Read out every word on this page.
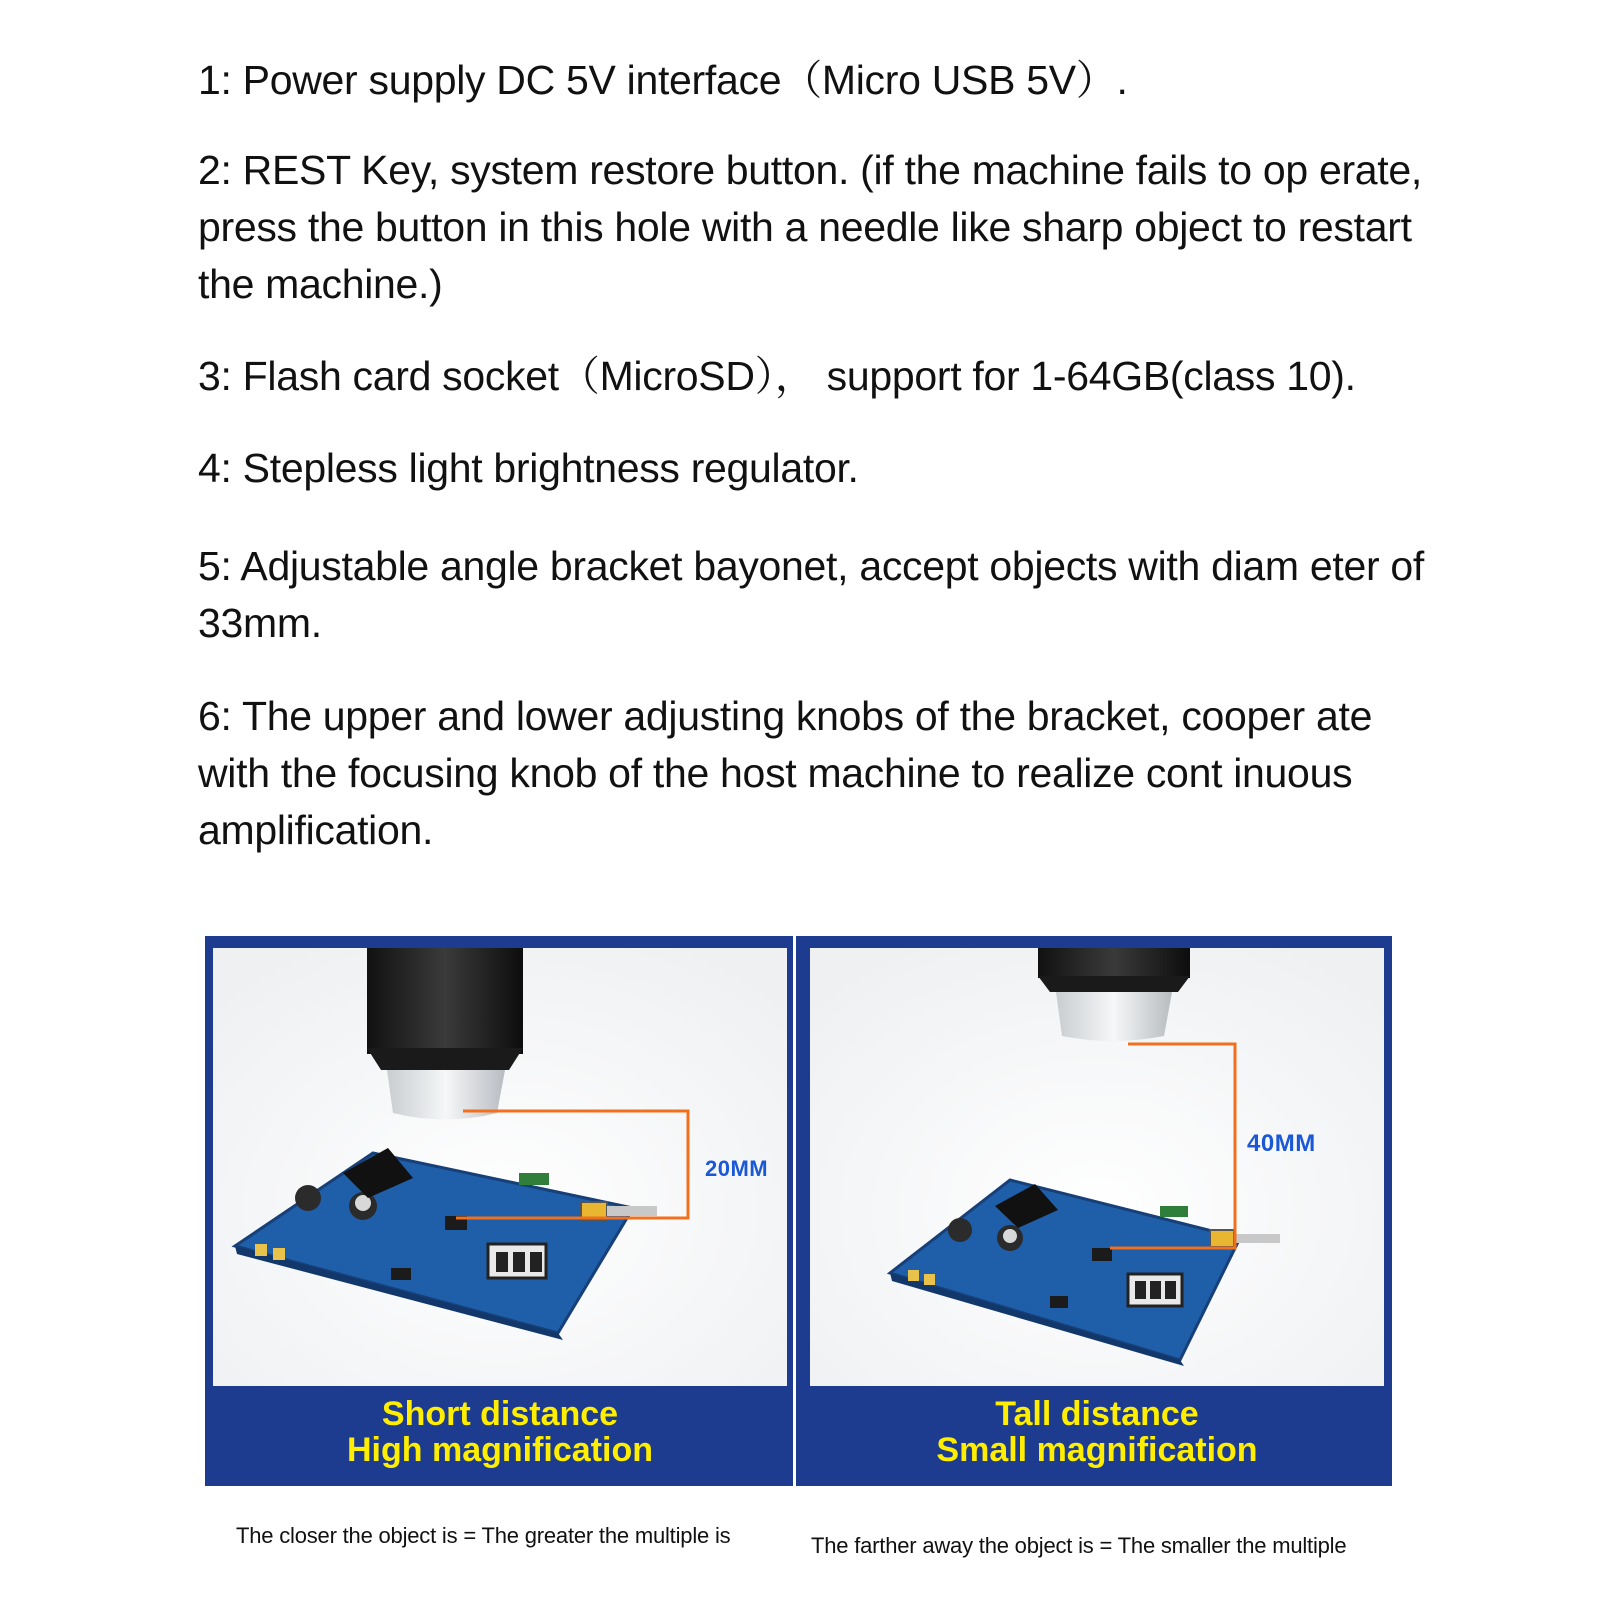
1: Power supply DC 5V interface（Micro USB 5V）.

2: REST Key, system restore button. (if the machine fails to op erate, press the button in this hole with a needle like sharp object to restart the machine.)

3: Flash card socket（MicroSD）， support for 1-64GB(class 10).

4: Stepless light brightness regulator.

5: Adjustable angle bracket bayonet, accept objects with diam eter of 33mm.

6: The upper and lower adjusting knobs of the bracket, cooper ate with the focusing knob of the host machine to realize cont inuous amplification.

20MM
Short distance
High magnification
40MM
Tall distance
Small magnification
The closer the object is = The greater the multiple is	The farther away the object is = The smaller the multiple
